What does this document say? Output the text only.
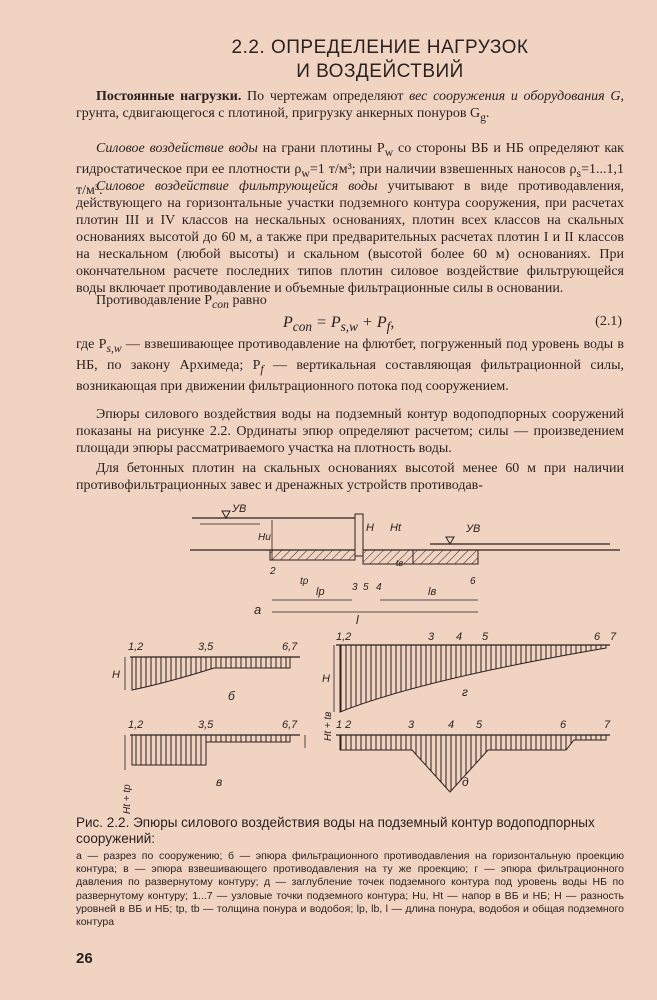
2.2. ОПРЕДЕЛЕНИЕ НАГРУЗОК
И ВОЗДЕЙСТВИЙ
Постоянные нагрузки. По чертежам определяют вес сооружения и оборудования G, грунта, сдвигающегося с плотиной, пригрузку анкерных понуров $G_g$.
Силовое воздействие воды на грани плотины $P_w$ со стороны ВБ и НБ определяют как гидростатическое при ее плотности $\rho_w=1$ т/м³; при наличии взвешенных наносов $\rho_s=1...1,1$ т/м³.
Силовое воздействие фильтрующейся воды учитывают в виде противодавления, действующего на горизонтальные участки подземного контура сооружения, при расчетах плотин III и IV классов на нескальных основаниях, плотин всех классов на скальных основаниях высотой до 60 м, а также при предварительных расчетах плотин I и II классов на нескальном (любой высоты) и скальном (высотой более 60 м) основаниях. При окончательном расчете последних типов плотин силовое воздействие фильтрующейся воды включает противодавление и объемные фильтрационные силы в основании.
Противодавление $P_{con}$ равно
$P_{con} = P_{s,w} + P_f$,	(2.1)
где $P_{s,w}$ — взвешивающее противодавление на флютбет, погруженный под уровень воды в НБ, по закону Архимеда; $P_f$ — вертикальная составляющая фильтрационной силы, возникающая при движении фильтрационного потока под сооружением.
Эпюры силового воздействия воды на подземный контур водоподпорных сооружений показаны на рисунке 2.2. Ординаты эпюр определяют расчетом; силы — произведением площади эпюры рассматриваемого участка на плотность воды.
Для бетонных плотин на скальных основаниях высотой менее 60 м при наличии противофильтрационных завес и дренажных устройств противодав-
УВ
УВ
Hu
H Ht
tв
2
3 5 4
6
tp
lp	lв
l
а
H
1,2	3,5	6,7
б
H
1,2	3 4 5	6 7
г
Ht + tp
Ht + tв
1,2	3,5	6,7
в
1 2	3	4 5	6	7
д
Рис. 2.2. Эпюры силового воздействия воды на подземный контур водоподпорных сооружений:
а — разрез по сооружению; б — эпюра фильтрационного противодавления на горизонтальную проекцию контура; в — эпюра взвешивающего противодавления на ту же проекцию; г — эпюра фильтрационного давления по развернутому контуру; д — заглубление точек подземного контура под уровень воды НБ по развернутому контуру; 1...7 — узловые точки подземного контура; Hu, Ht — напор в ВБ и НБ; H — разность уровней в ВБ и НБ; tp, tb — толщина понура и водобоя; lp, lb, l — длина понура, водобоя и общая подземного контура
26
